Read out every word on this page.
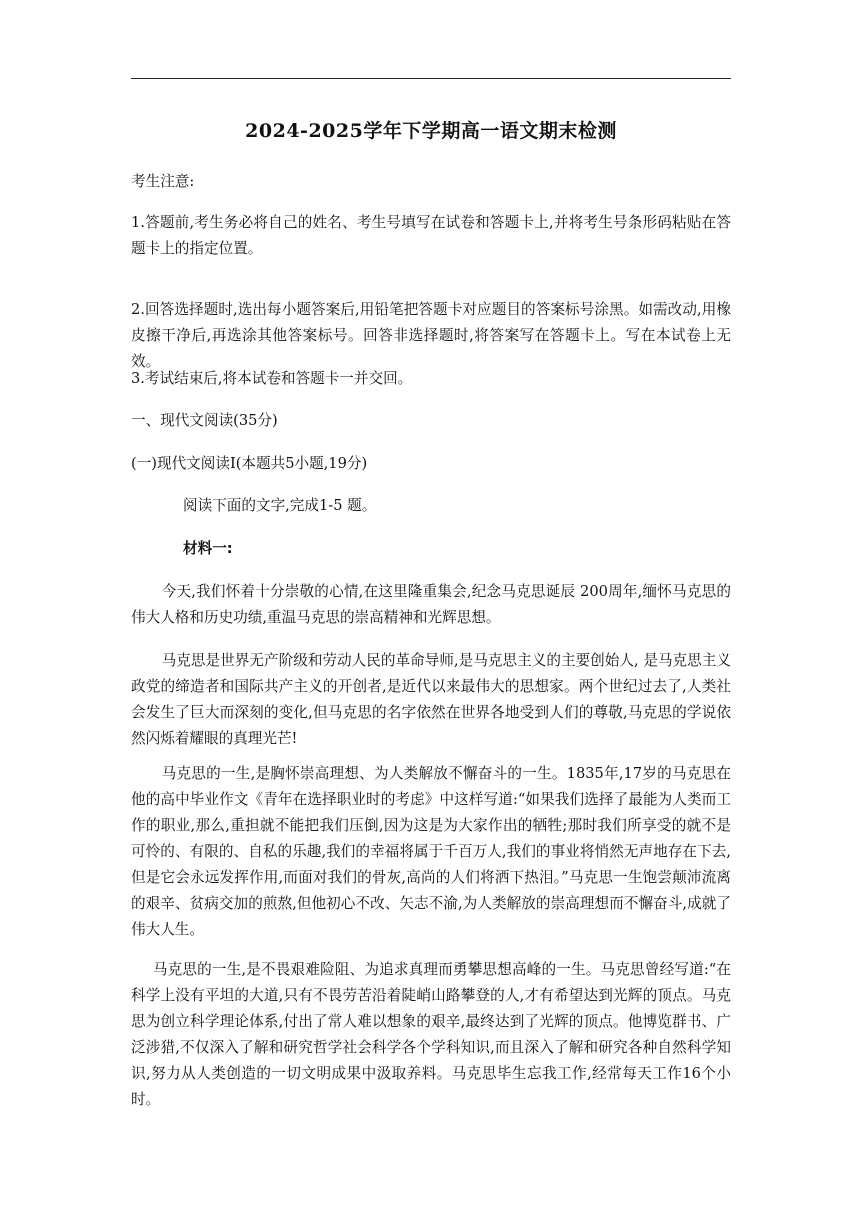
2024-2025学年下学期高一语文期末检测
考生注意:
1.答题前,考生务必将自己的姓名、考生号填写在试卷和答题卡上,并将考生号条形码粘贴在答题卡上的指定位置。
2.回答选择题时,选出每小题答案后,用铅笔把答题卡对应题目的答案标号涂黑。如需改动,用橡皮擦干净后,再选涂其他答案标号。回答非选择题时,将答案写在答题卡上。写在本试卷上无效。
3.考试结束后,将本试卷和答题卡一并交回。
一、现代文阅读(35分)
(一)现代文阅读Ⅰ(本题共5小题,19分)
阅读下面的文字,完成1-5 题。
材料一:
今天,我们怀着十分崇敬的心情,在这里隆重集会,纪念马克思诞辰 200周年,缅怀马克思的伟大人格和历史功绩,重温马克思的崇高精神和光辉思想。
马克思是世界无产阶级和劳动人民的革命导师,是马克思主义的主要创始人, 是马克思主义政党的缔造者和国际共产主义的开创者,是近代以来最伟大的思想家。两个世纪过去了,人类社会发生了巨大而深刻的变化,但马克思的名字依然在世界各地受到人们的尊敬,马克思的学说依然闪烁着耀眼的真理光芒!
马克思的一生,是胸怀崇高理想、为人类解放不懈奋斗的一生。1835年,17岁的马克思在他的高中毕业作文《青年在选择职业时的考虑》中这样写道:“如果我们选择了最能为人类而工作的职业,那么,重担就不能把我们压倒,因为这是为大家作出的牺牲;那时我们所享受的就不是可怜的、有限的、自私的乐趣,我们的幸福将属于千百万人,我们的事业将悄然无声地存在下去,但是它会永远发挥作用,而面对我们的骨灰,高尚的人们将洒下热泪。”马克思一生饱尝颠沛流离的艰辛、贫病交加的煎熬,但他初心不改、矢志不渝,为人类解放的崇高理想而不懈奋斗,成就了伟大人生。
马克思的一生,是不畏艰难险阻、为追求真理而勇攀思想高峰的一生。马克思曾经写道:“在科学上没有平坦的大道,只有不畏劳苦沿着陡峭山路攀登的人,才有希望达到光辉的顶点。马克思为创立科学理论体系,付出了常人难以想象的艰辛,最终达到了光辉的顶点。他博览群书、广泛涉猎,不仅深入了解和研究哲学社会科学各个学科知识,而且深入了解和研究各种自然科学知识,努力从人类创造的一切文明成果中汲取养料。马克思毕生忘我工作,经常每天工作16个小时。
